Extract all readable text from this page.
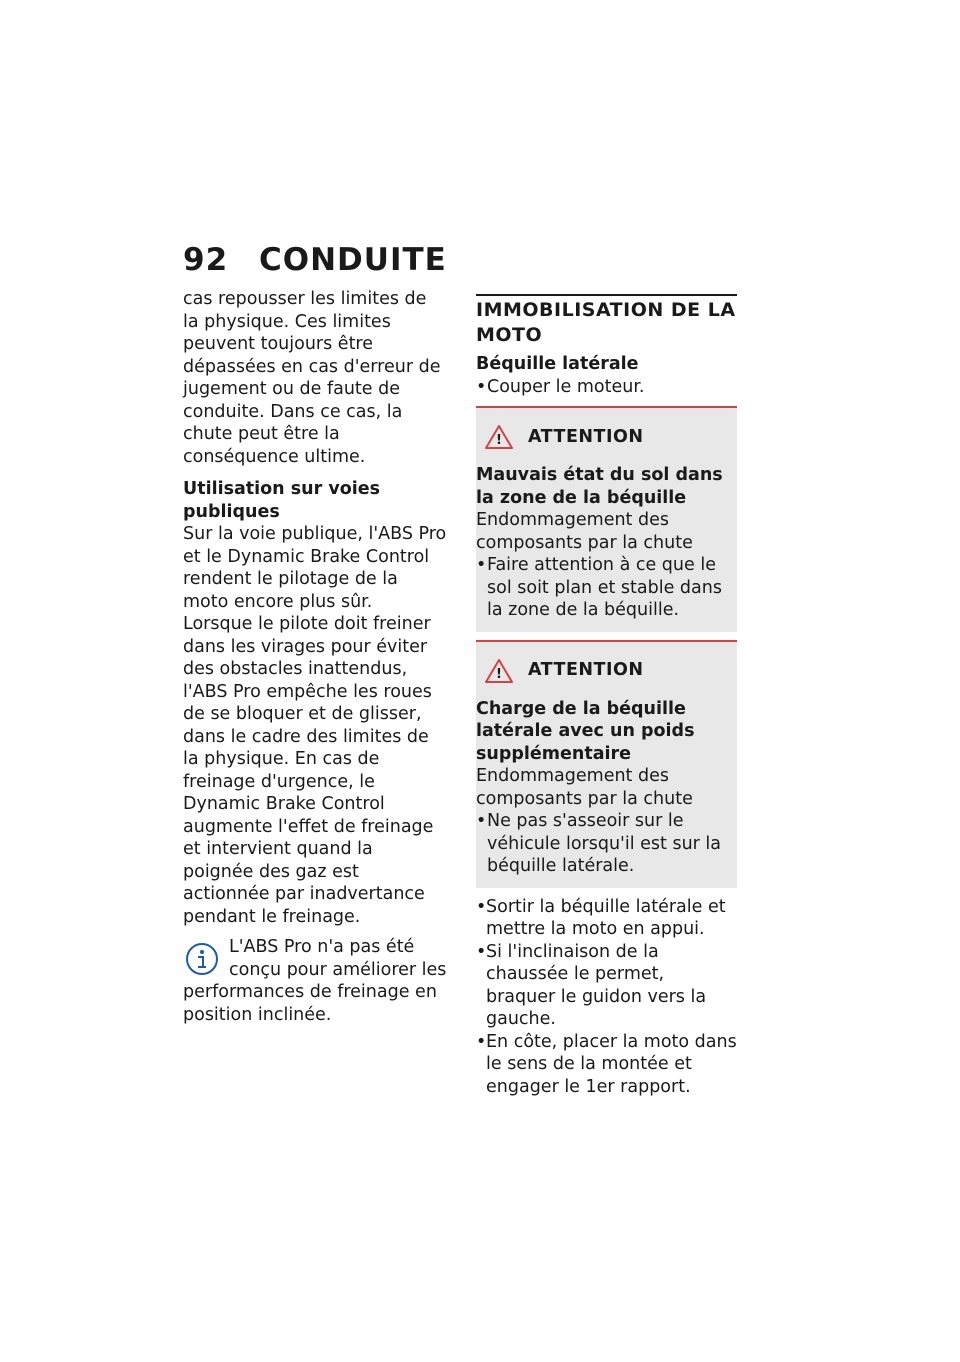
92 CONDUITE

cas repousser les limites de la physique. Ces limites peuvent toujours être dépassées en cas d'erreur de jugement ou de faute de conduite. Dans ce cas, la chute peut être la conséquence ultime.

Utilisation sur voies publiques

Sur la voie publique, l'ABS Pro et le Dynamic Brake Control rendent le pilotage de la moto encore plus sûr. Lorsque le pilote doit freiner dans les virages pour éviter des obstacles inattendus, l'ABS Pro empêche les roues de se bloquer et de glisser, dans le cadre des limites de la physique. En cas de freinage d'urgence, le Dynamic Brake Control augmente l'effet de freinage et intervient quand la poignée des gaz est actionnée par inadvertance pendant le freinage.

L'ABS Pro n'a pas été conçu pour améliorer les
performances de freinage en position inclinée.
IMMOBILISATION DE LA MOTO

Béquille latérale

• Couper le moteur.

! ATTENTION

Mauvais état du sol dans la zone de la béquille

Endommagement des composants par la chute

• Faire attention à ce que le sol soit plan et stable dans la zone de la béquille.

! ATTENTION

Charge de la béquille latérale avec un poids supplémentaire

Endommagement des composants par la chute

• Ne pas s'asseoir sur le véhicule lorsqu'il est sur la béquille latérale.

• Sortir la béquille latérale et mettre la moto en appui.

• Si l'inclinaison de la chaussée le permet, braquer le guidon vers la gauche.

• En côte, placer la moto dans le sens de la montée et engager le 1er rapport.
